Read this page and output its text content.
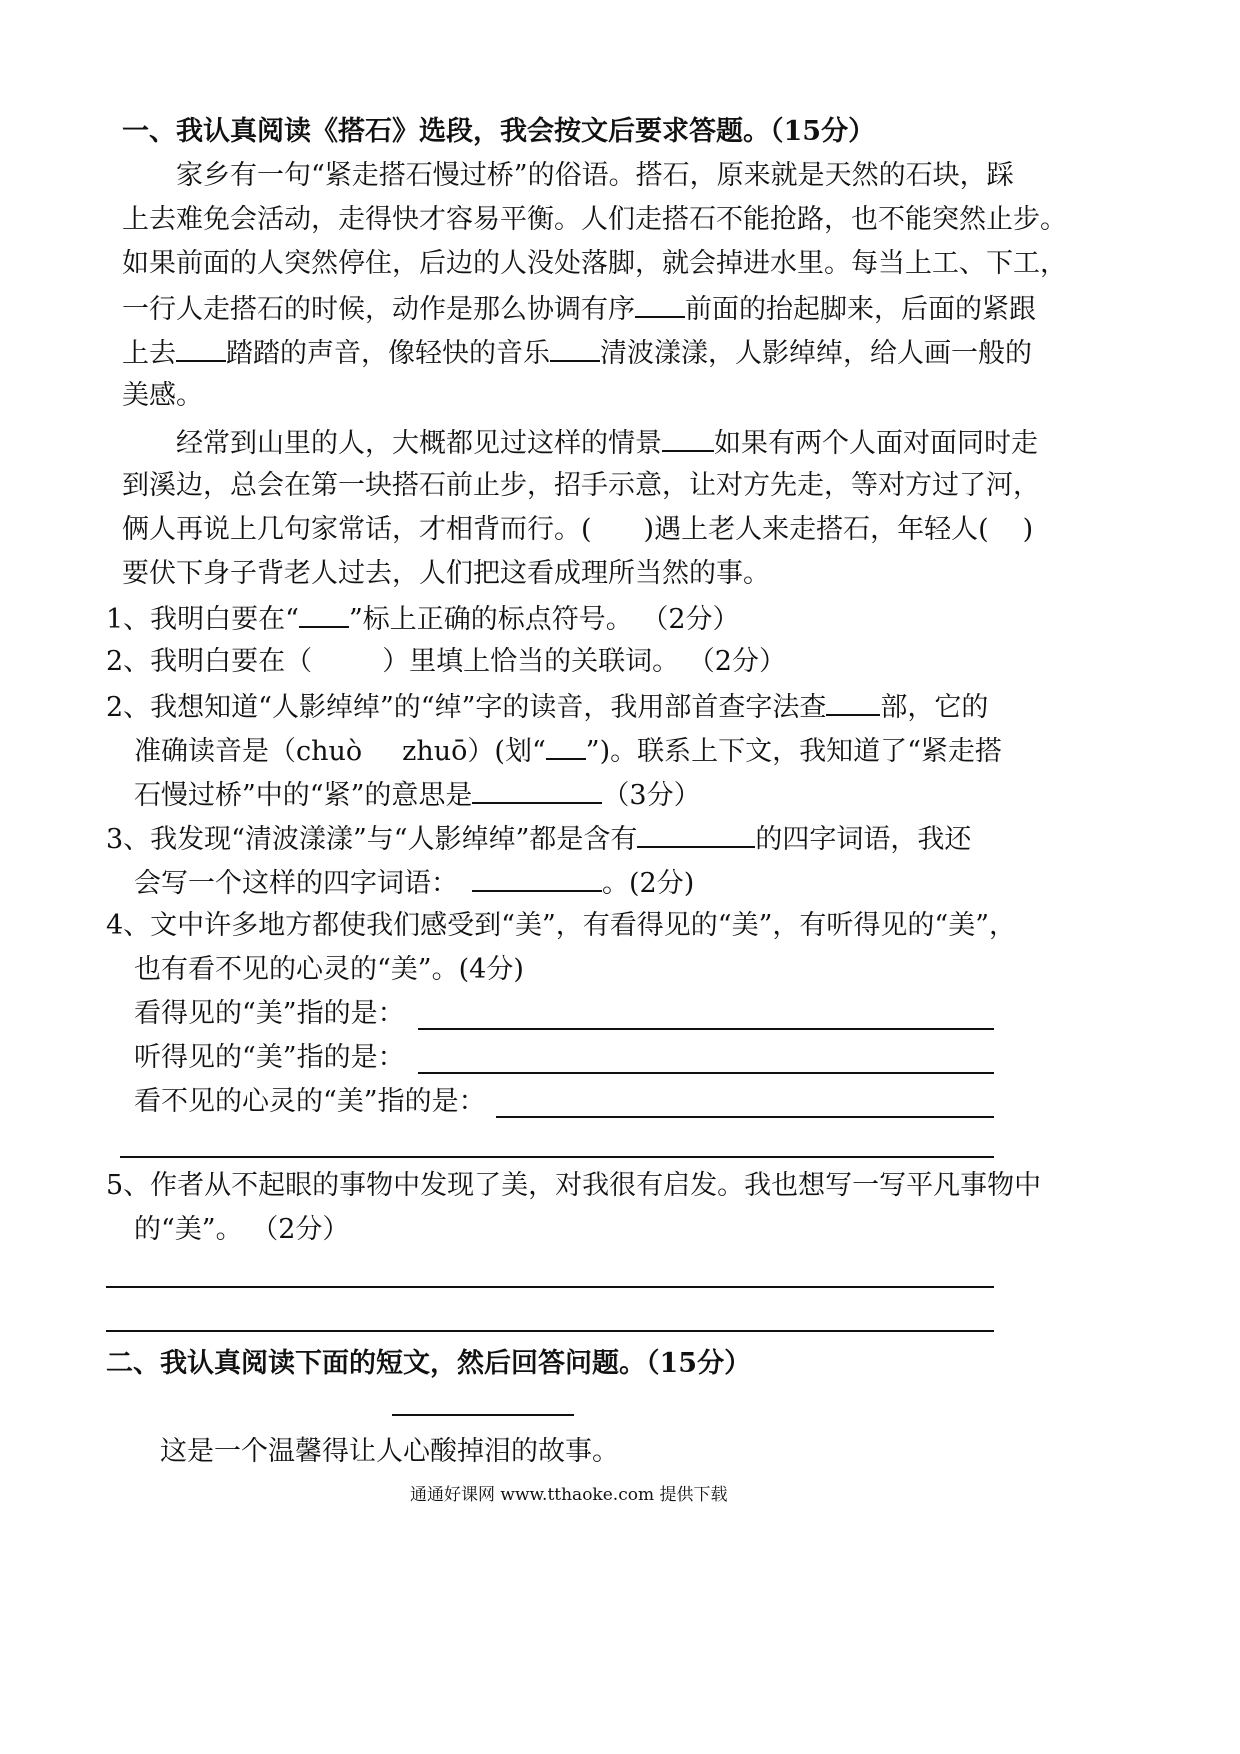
一、我认真阅读《搭石》选段，我会按文后要求答题。（15分）
家乡有一句“紧走搭石慢过桥”的俗语。搭石，原来就是天然的石块，踩
上去难免会活动，走得快才容易平衡。人们走搭石不能抢路，也不能突然止步。
如果前面的人突然停住，后边的人没处落脚，就会掉进水里。每当上工、下工，
一行人走搭石的时候，动作是那么协调有序 前面的抬起脚来，后面的紧跟
上去 踏踏的声音，像轻快的音乐 清波漾漾，人影绰绰，给人画一般的
美感。
经常到山里的人，大概都见过这样的情景 如果有两个人面对面同时走
到溪边，总会在第一块搭石前止步，招手示意，让对方先走，等对方过了河，
俩人再说上几句家常话，才相背而行。( )遇上老人来走搭石，年轻人( )
要伏下身子背老人过去，人们把这看成理所当然的事。
1、我明白要在“ ”标上正确的标点符号。 （2分）
2、我明白要在（	）里填上恰当的关联词。 （2分）
2、我想知道“人影绰绰”的“绰”字的读音，我用部首查字法查 部，它的
准确读音是（chuò zhuō）(划“ ”)。联系上下文，我知道了“紧走搭
石慢过桥”中的“紧”的意思是	（3分）
3、我发现“清波漾漾”与“人影绰绰”都是含有	的四字词语，我还
会写一个这样的四字词语：	。(2分)
4、文中许多地方都使我们感受到“美”，有看得见的“美”，有听得见的“美”，
也有看不见的心灵的“美”。(4分)
看得见的“美”指的是：
听得见的“美”指的是：
看不见的心灵的“美”指的是：
5、作者从不起眼的事物中发现了美，对我很有启发。我也想写一写平凡事物中
的“美”。 （2分）
二、我认真阅读下面的短文，然后回答问题。（15分）
这是一个温馨得让人心酸掉泪的故事。
通通好课网 www.tthaoke.com 提供下载
